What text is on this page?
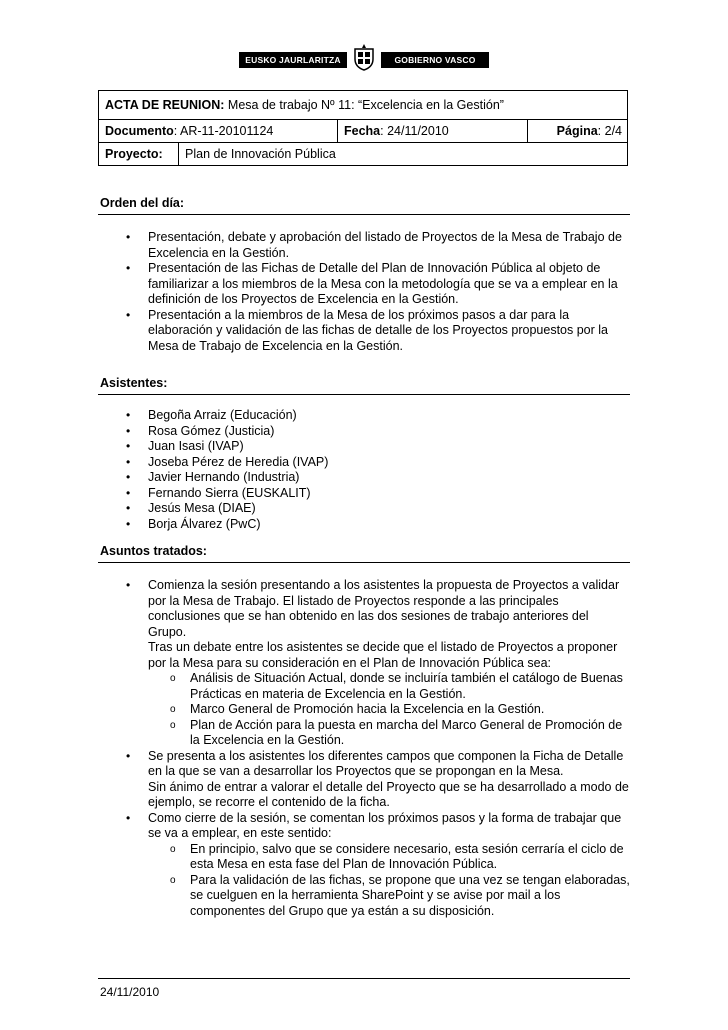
EUSKO JAURLARITZA	GOBIERNO VASCO
ACTA DE REUNION: Mesa de trabajo Nº 11: “Excelencia en la Gestión”
Documento : AR-11-20101124	Fecha : 24/11/2010	Página : 2/4
Proyecto: Plan de Innovación Pública
Orden del día:
• Presentación, debate y aprobación del listado de Proyectos de la Mesa de Trabajo de
Excelencia en la Gestión.
• Presentación de las Fichas de Detalle del Plan de Innovación Pública al objeto de
familiarizar a los miembros de la Mesa con la metodología que se va a emplear en la
definición de los Proyectos de Excelencia en la Gestión.
• Presentación a la miembros de la Mesa de los próximos pasos a dar para la
elaboración y validación de las fichas de detalle de los Proyectos propuestos por la
Mesa de Trabajo de Excelencia en la Gestión.
Asistentes:
• Begoña Arraiz (Educación)
• Rosa Gómez (Justicia)
• Juan Isasi (IVAP)
• Joseba Pérez de Heredia (IVAP)
• Javier Hernando (Industria)
• Fernando Sierra (EUSKALIT)
• Jesús Mesa (DIAE)
• Borja Álvarez (PwC)
Asuntos tratados:
• Comienza la sesión presentando a los asistentes la propuesta de Proyectos a validar
por la Mesa de Trabajo. El listado de Proyectos responde a las principales
conclusiones que se han obtenido en las dos sesiones de trabajo anteriores del Grupo.
Tras un debate entre los asistentes se decide que el listado de Proyectos a proponer
por la Mesa para su consideración en el Plan de Innovación Pública sea:
o Análisis de Situación Actual, donde se incluiría también el catálogo de Buenas
Prácticas en materia de Excelencia en la Gestión.
o Marco General de Promoción hacia la Excelencia en la Gestión.
o Plan de Acción para la puesta en marcha del Marco General de Promoción de
la Excelencia en la Gestión.
• Se presenta a los asistentes los diferentes campos que componen la Ficha de Detalle
en la que se van a desarrollar los Proyectos que se propongan en la Mesa.
Sin ánimo de entrar a valorar el detalle del Proyecto que se ha desarrollado a modo de
ejemplo, se recorre el contenido de la ficha.
• Como cierre de la sesión, se comentan los próximos pasos y la forma de trabajar que
se va a emplear, en este sentido:
o En principio, salvo que se considere necesario, esta sesión cerraría el ciclo de
esta Mesa en esta fase del Plan de Innovación Pública.
o Para la validación de las fichas, se propone que una vez se tengan elaboradas,
se cuelguen en la herramienta SharePoint y se avise por mail a los
componentes del Grupo que ya están a su disposición.
24/11/2010
